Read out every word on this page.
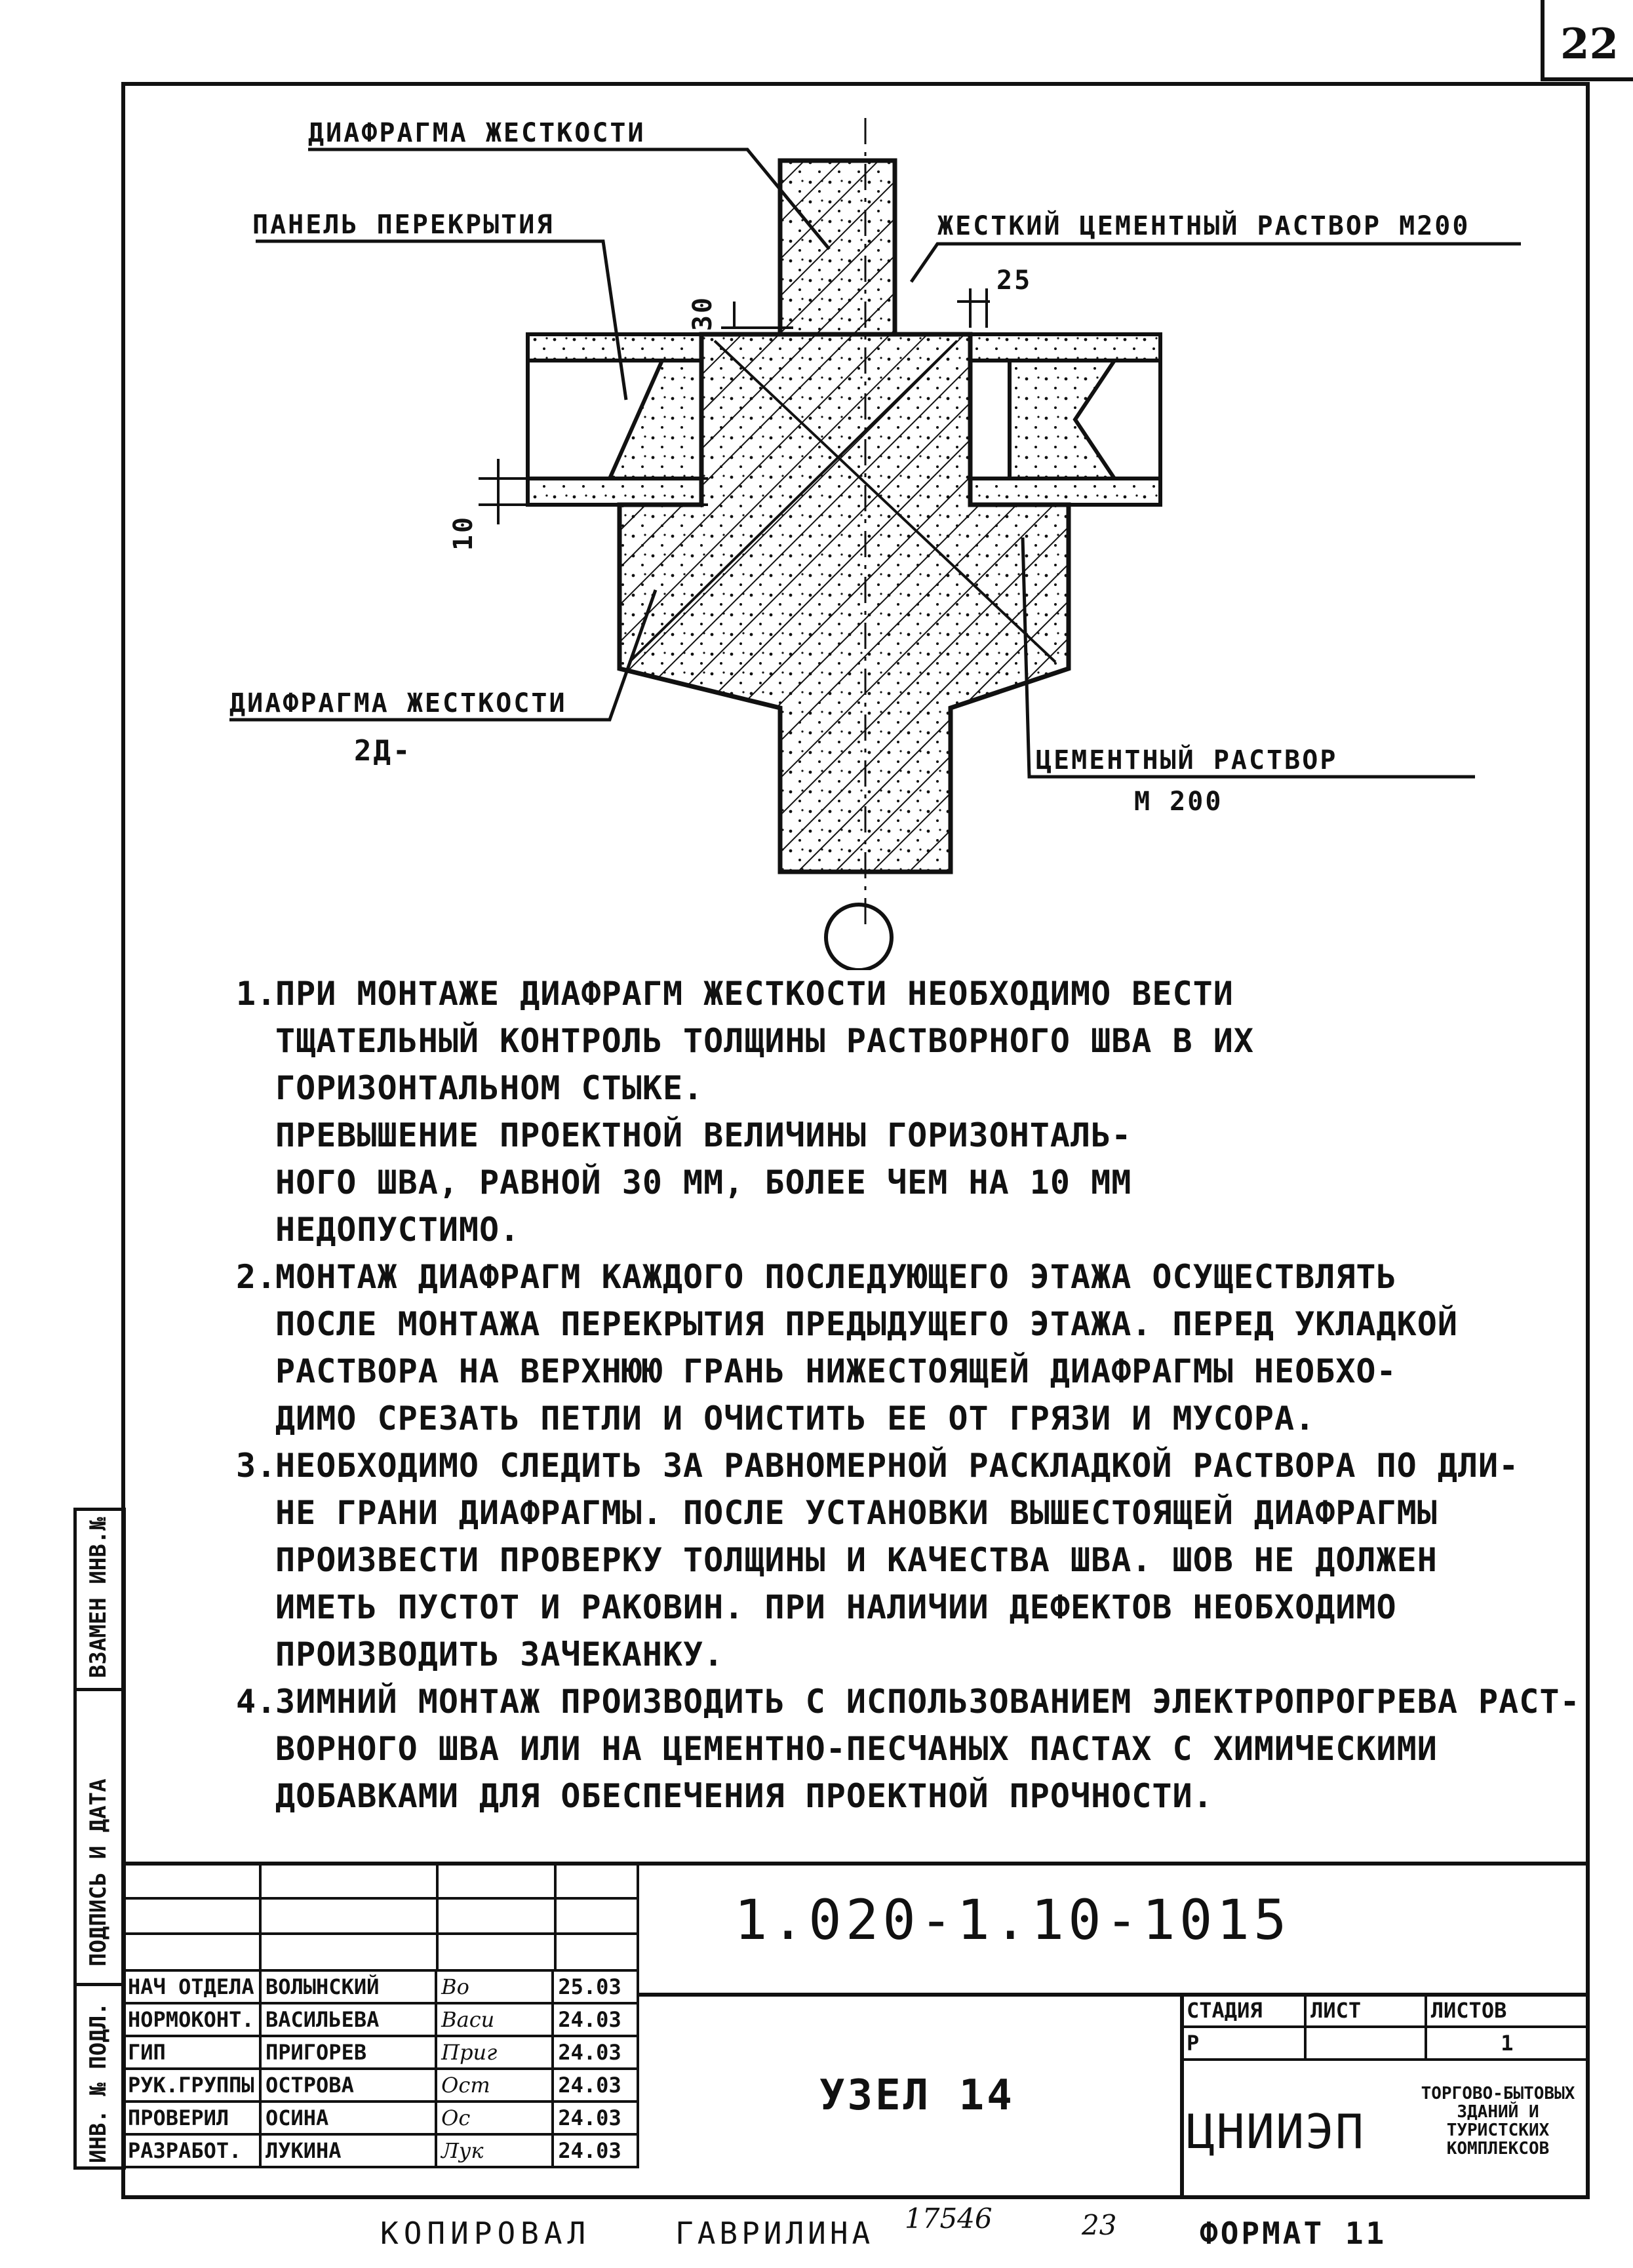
22
ДИАФРАГМА ЖЕСТКОСТИ
ПАНЕЛЬ ПЕРЕКРЫТИЯ	ЖЕСТКИЙ ЦЕМЕНТНЫЙ РАСТВОР М200
25
30
10
ДИАФРАГМА ЖЕСТКОСТИ
2Д-	ЦЕМЕНТНЫЙ РАСТВОР
М 200
1.ПРИ МОНТАЖЕ ДИАФРАГМ ЖЕСТКОСТИ НЕОБХОДИМО ВЕСТИ
ТЩАТЕЛЬНЫЙ КОНТРОЛЬ ТОЛЩИНЫ РАСТВОРНОГО ШВА В ИХ
ГОРИЗОНТАЛЬНОМ СТЫКЕ.
ПРЕВЫШЕНИЕ ПРОЕКТНОЙ ВЕЛИЧИНЫ ГОРИЗОНТАЛЬ-
НОГО ШВА, РАВНОЙ 30 ММ, БОЛЕЕ ЧЕМ НА 10 ММ
НЕДОПУСТИМО.
2.МОНТАЖ ДИАФРАГМ КАЖДОГО ПОСЛЕДУЮЩЕГО ЭТАЖА ОСУЩЕСТВЛЯТЬ
ПОСЛЕ МОНТАЖА ПЕРЕКРЫТИЯ ПРЕДЫДУЩЕГО ЭТАЖА. ПЕРЕД УКЛАДКОЙ
РАСТВОРА НА ВЕРХНЮЮ ГРАНЬ НИЖЕСТОЯЩЕЙ ДИАФРАГМЫ НЕОБХО-
ДИМО СРЕЗАТЬ ПЕТЛИ И ОЧИСТИТЬ ЕЕ ОТ ГРЯЗИ И МУСОРА.
3.НЕОБХОДИМО СЛЕДИТЬ ЗА РАВНОМЕРНОЙ РАСКЛАДКОЙ РАСТВОРА ПО ДЛИ-
НЕ ГРАНИ ДИАФРАГМЫ. ПОСЛЕ УСТАНОВКИ ВЫШЕСТОЯЩЕЙ ДИАФРАГМЫ
ПРОИЗВЕСТИ ПРОВЕРКУ ТОЛЩИНЫ И КАЧЕСТВА ШВА. ШОВ НЕ ДОЛЖЕН
ИМЕТЬ ПУСТОТ И РАКОВИН. ПРИ НАЛИЧИИ ДЕФЕКТОВ НЕОБХОДИМО
ПРОИЗВОДИТЬ ЗАЧЕКАНКУ.
4.ЗИМНИЙ МОНТАЖ ПРОИЗВОДИТЬ С ИСПОЛЬЗОВАНИЕМ ЭЛЕКТРОПРОГРЕВА РАСТ-
ВОРНОГО ШВА ИЛИ НА ЦЕМЕНТНО-ПЕСЧАНЫХ ПАСТАХ С ХИМИЧЕСКИМИ
ДОБАВКАМИ ДЛЯ ОБЕСПЕЧЕНИЯ ПРОЕКТНОЙ ПРОЧНОСТИ.
НАЧ ОТДЕЛА	ВОЛЫНСКИЙ	Во	25.03
НОРМОКОНТ.	ВАСИЛЬЕВА	Васи	24.03
ГИП	ПРИГОРЕВ	Приг	24.03
РУК.ГРУППЫ	ОСТРОВА	Ост	24.03
ПРОВЕРИЛ	ОСИНА	Ос	24.03
РАЗРАБОТ.	ЛУКИНА	Лук	24.03
1.020-1.10-1015
УЗЕЛ 14
СТАДИЯ	ЛИСТ	ЛИСТОВ
Р		1
ЦНИИЭП
ТОРГОВО-БЫТОВЫХ ЗДАНИЙ И ТУРИСТСКИХ КОМПЛЕКСОВ
ВЗАМЕН ИНВ.№
ПОДПИСЬ И ДАТА
ИНВ. № ПОДЛ.
КОПИРОВАЛ	ГАВРИЛИНА 17546	23	ФОРМАТ 11
